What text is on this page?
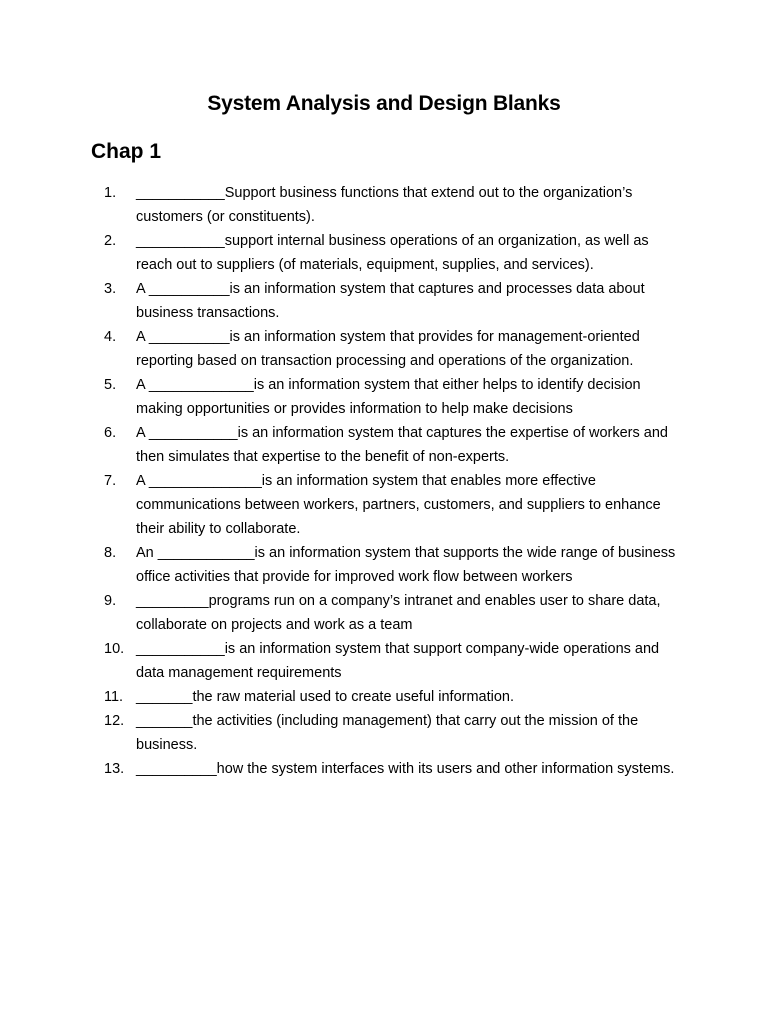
System Analysis and Design Blanks
Chap 1
1.	___________Support business functions that extend out to the organization’s customers (or constituents).
2.	___________support internal business operations of an organization, as well as reach out to suppliers (of materials, equipment, supplies, and services).
3.	A __________is an information system that captures and processes data about business transactions.
4.	A __________is an information system that provides for management-oriented reporting based on transaction processing and operations of the organization.
5.	A _____________is an information system that either helps to identify decision making opportunities or provides information to help make decisions
6.	A ___________is an information system that captures the expertise of workers and then simulates that expertise to the benefit of non-experts.
7.	A ______________is an information system that enables more effective communications between workers, partners, customers, and suppliers to enhance their ability to collaborate.
8.	An ____________is an information system that supports the wide range of business office activities that provide for improved work flow between workers
9.	_________programs run on a company’s intranet and enables user to share data, collaborate on projects and work as a team
10. ___________is an information system that support company-wide operations and data management requirements
11. _______the raw material used to create useful information.
12. _______the activities (including management) that carry out the mission of the business.
13. __________how the system interfaces with its users and other information systems.
